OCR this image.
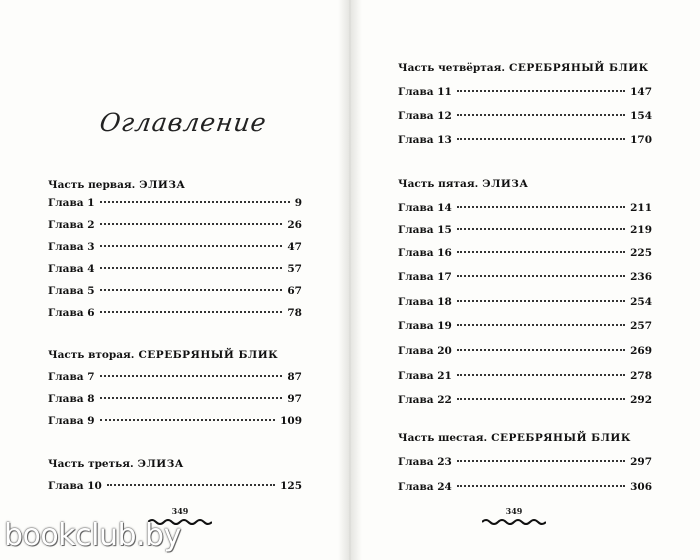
Оглавление
Часть первая. ЭЛИЗА
Глава 1	9
Глава 2	26
Глава 3	47
Глава 4	57
Глава 5	67
Глава 6	78
Часть вторая. СЕРЕБРЯНЫЙ БЛИК
Глава 7	87
Глава 8	97
Глава 9	109
Часть третья. ЭЛИЗА
Глава 10	125
349
Часть четвёртая. СЕРЕБРЯНЫЙ БЛИК
Глава 11	147
Глава 12	154
Глава 13	170
Часть пятая. ЭЛИЗА
Глава 14	211
Глава 15	219
Глава 16	225
Глава 17	236
Глава 18	254
Глава 19	257
Глава 20	269
Глава 21	278
Глава 22	292
Часть шестая. СЕРЕБРЯНЫЙ БЛИК
Глава 23	297
Глава 24	306
349
bookclub.by
